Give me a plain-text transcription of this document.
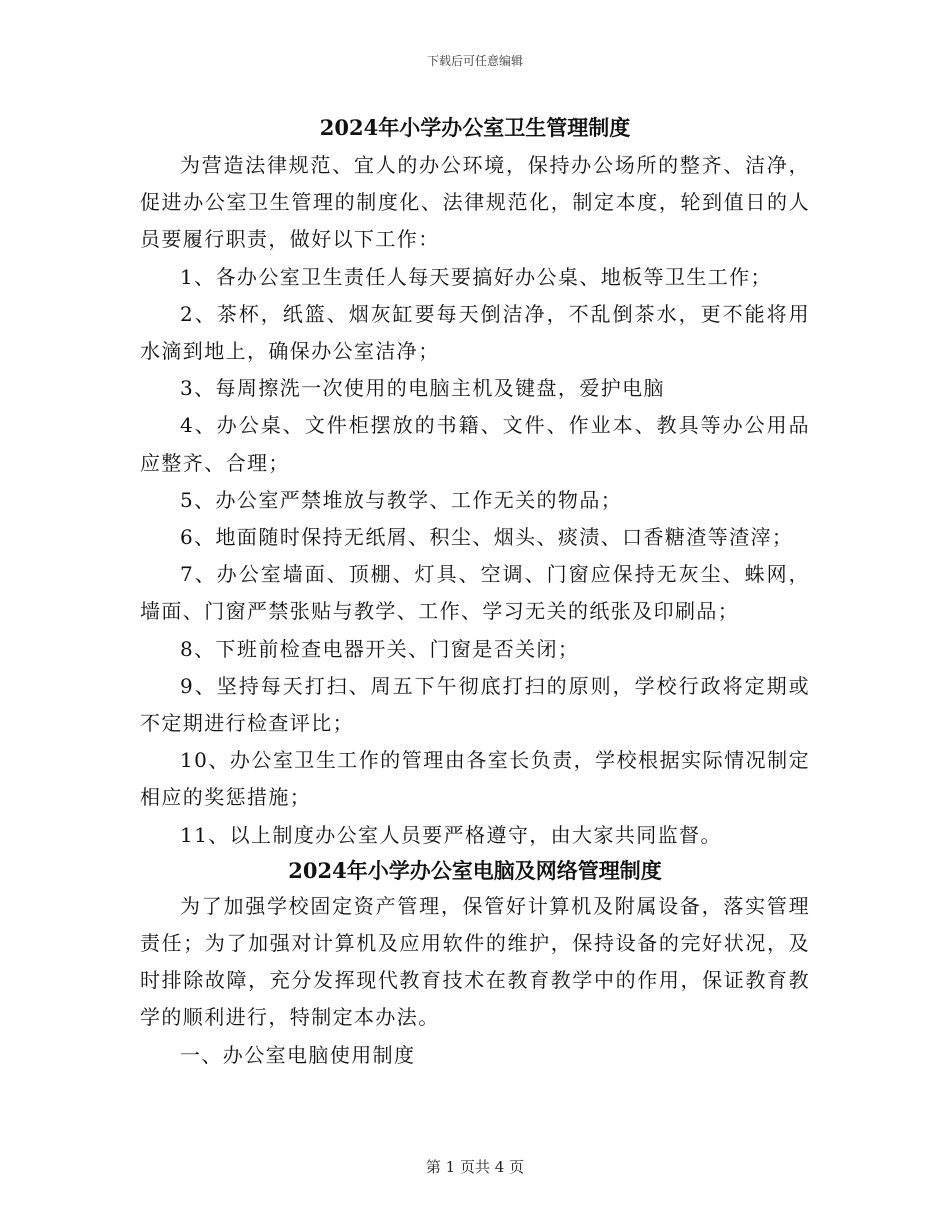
下载后可任意编辑
2024年小学办公室卫生管理制度

为营造法律规范、宜人的办公环境，保持办公场所的整齐、洁净，促进办公室卫生管理的制度化、法律规范化，制定本度，轮到值日的人员要履行职责，做好以下工作：

1、各办公室卫生责任人每天要搞好办公桌、地板等卫生工作；

2、茶杯，纸篮、烟灰缸要每天倒洁净，不乱倒茶水，更不能将用水滴到地上，确保办公室洁净；

3、每周擦洗一次使用的电脑主机及键盘，爱护电脑

4、办公桌、文件柜摆放的书籍、文件、作业本、教具等办公用品应整齐、合理；

5、办公室严禁堆放与教学、工作无关的物品；

6、地面随时保持无纸屑、积尘、烟头、痰渍、口香糖渣等渣滓；

7、办公室墙面、顶棚、灯具、空调、门窗应保持无灰尘、蛛网，墙面、门窗严禁张贴与教学、工作、学习无关的纸张及印刷品；

8、下班前检查电器开关、门窗是否关闭；

9、坚持每天打扫、周五下午彻底打扫的原则，学校行政将定期或不定期进行检查评比；

10、办公室卫生工作的管理由各室长负责，学校根据实际情况制定相应的奖惩措施；

11、以上制度办公室人员要严格遵守，由大家共同监督。

2024年小学办公室电脑及网络管理制度

为了加强学校固定资产管理，保管好计算机及附属设备，落实管理责任；为了加强对计算机及应用软件的维护，保持设备的完好状况，及时排除故障，充分发挥现代教育技术在教育教学中的作用，保证教育教学的顺利进行，特制定本办法。

一、办公室电脑使用制度

第 1 页共 4 页
